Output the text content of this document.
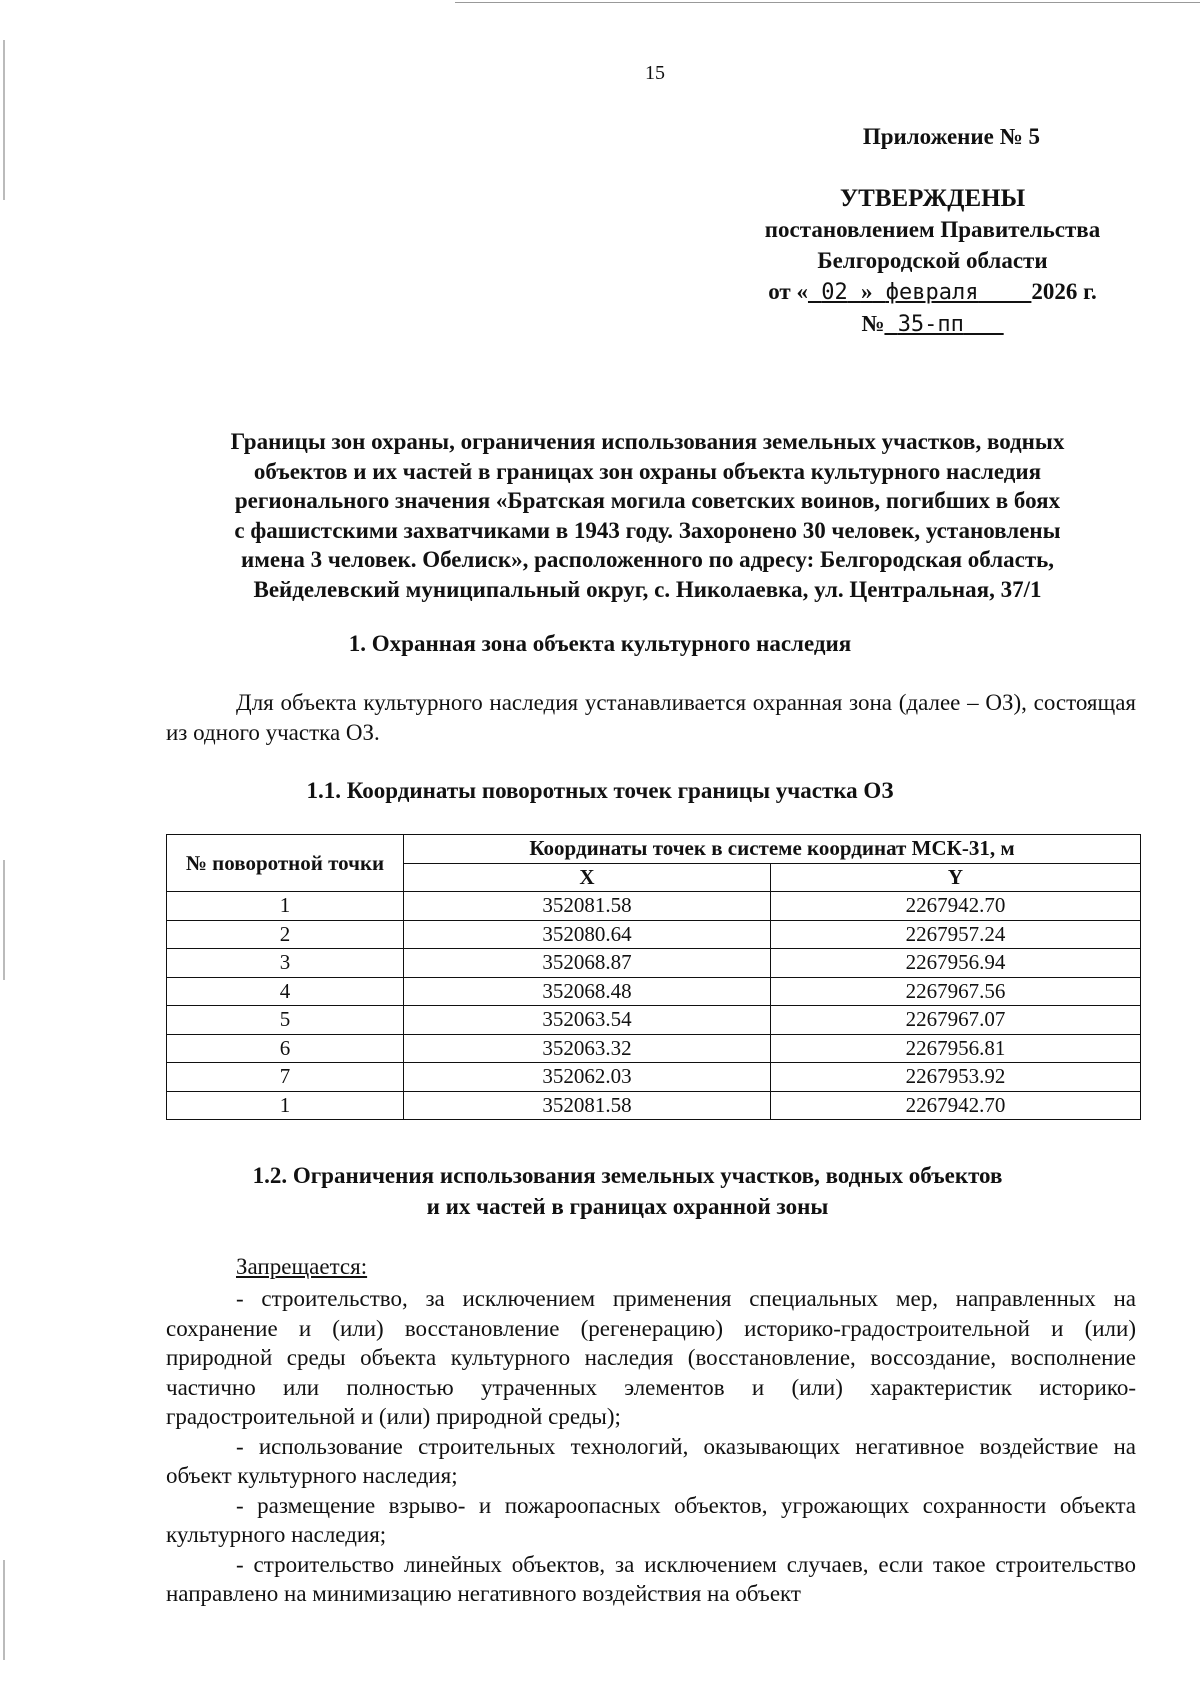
15
Приложение № 5
УТВЕРЖДЕНЫ
постановлением Правительства
Белгородской области
от « 02 » февраля 2026 г.
№ 35-пп
Границы зон охраны, ограничения использования земельных участков, водных
объектов и их частей в границах зон охраны объекта культурного наследия
регионального значения «Братская могила советских воинов, погибших в боях
с фашистскими захватчиками в 1943 году. Захоронено 30 человек, установлены
имена 3 человек. Обелиск», расположенного по адресу: Белгородская область,
Вейделевский муниципальный округ, с. Николаевка, ул. Центральная, 37/1
1. Охранная зона объекта культурного наследия

Для объекта культурного наследия устанавливается охранная зона (далее – ОЗ), состоящая из одного участка ОЗ.

1.1. Координаты поворотных точек границы участка ОЗ
№ поворотной точки	Координаты точек в системе координат МСК-31, м	
	X	Y
1	352081.58	2267942.70
2	352080.64	2267957.24
3	352068.87	2267956.94
4	352068.48	2267967.56
5	352063.54	2267967.07
6	352063.32	2267956.81
7	352062.03	2267953.92
1	352081.58	2267942.70
1.2. Ограничения использования земельных участков, водных объектов
и их частей в границах охранной зоны
Запрещается:

- строительство, за исключением применения специальных мер, направленных на сохранение и (или) восстановление (регенерацию) историко-градостроительной и (или) природной среды объекта культурного наследия (восстановление, воссоздание, восполнение частично или полностью утраченных элементов и (или) характеристик историко-градостроительной и (или) природной среды);

- использование строительных технологий, оказывающих негативное воздействие на объект культурного наследия;

- размещение взрыво- и пожароопасных объектов, угрожающих сохранности объекта культурного наследия;

- строительство линейных объектов, за исключением случаев, если такое строительство направлено на минимизацию негативного воздействия на объект
